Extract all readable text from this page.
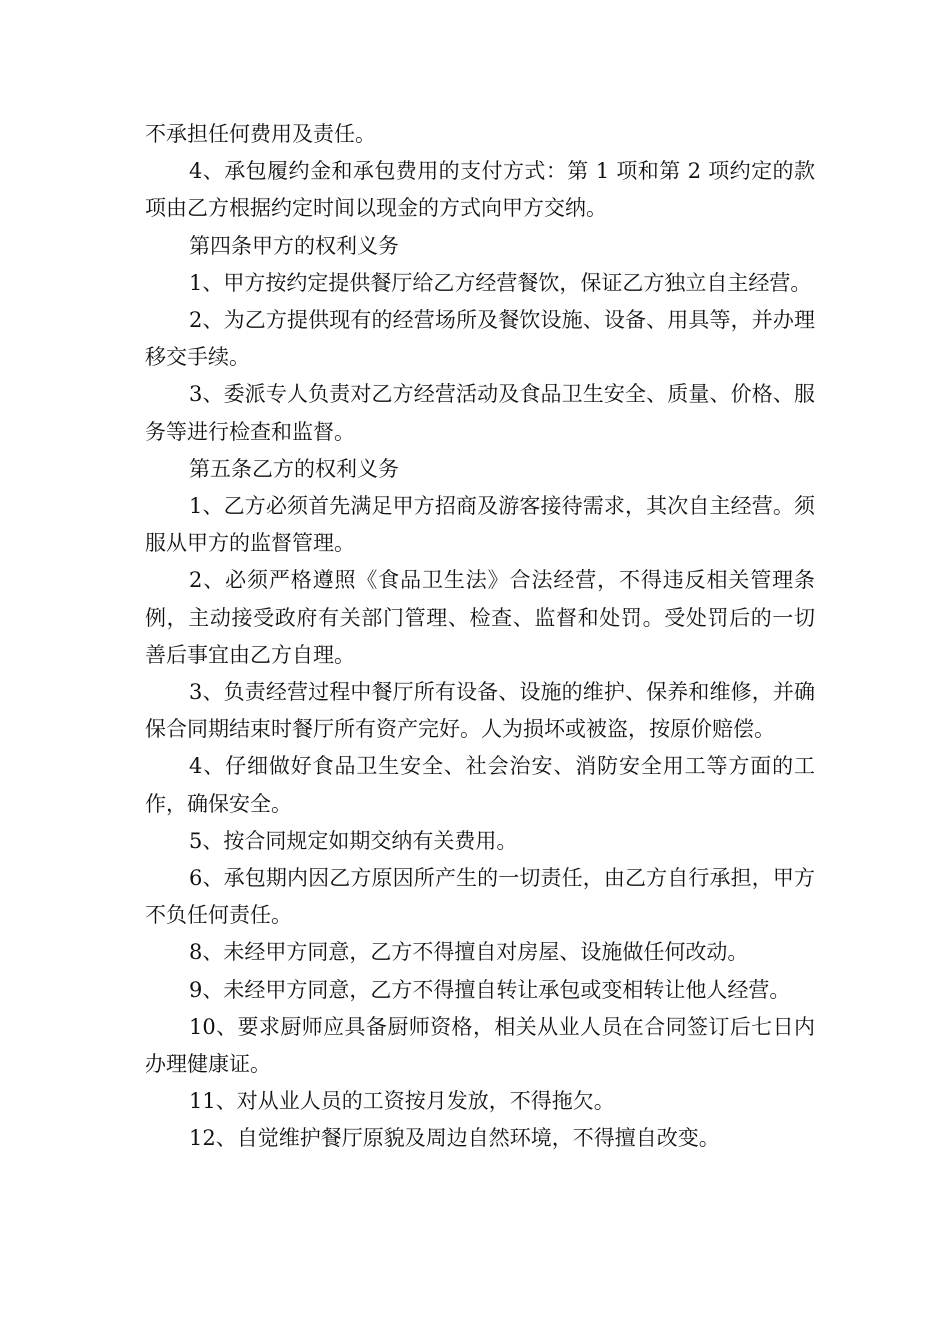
不承担任何费用及责任。

4、承包履约金和承包费用的支付方式：第 1 项和第 2 项约定的款项由乙方根据约定时间以现金的方式向甲方交纳。

第四条甲方的权利义务

1、甲方按约定提供餐厅给乙方经营餐饮，保证乙方独立自主经营。

2、为乙方提供现有的经营场所及餐饮设施、设备、用具等，并办理移交手续。

3、委派专人负责对乙方经营活动及食品卫生安全、质量、价格、服务等进行检查和监督。

第五条乙方的权利义务

1、乙方必须首先满足甲方招商及游客接待需求，其次自主经营。须服从甲方的监督管理。

2、必须严格遵照《食品卫生法》合法经营，不得违反相关管理条例，主动接受政府有关部门管理、检查、监督和处罚。受处罚后的一切善后事宜由乙方自理。

3、负责经营过程中餐厅所有设备、设施的维护、保养和维修，并确保合同期结束时餐厅所有资产完好。人为损坏或被盗，按原价赔偿。

4、仔细做好食品卫生安全、社会治安、消防安全用工等方面的工作，确保安全。

5、按合同规定如期交纳有关费用。

6、承包期内因乙方原因所产生的一切责任，由乙方自行承担，甲方不负任何责任。

8、未经甲方同意，乙方不得擅自对房屋、设施做任何改动。

9、未经甲方同意，乙方不得擅自转让承包或变相转让他人经营。

10、要求厨师应具备厨师资格，相关从业人员在合同签订后七日内办理健康证。

11、对从业人员的工资按月发放，不得拖欠。

12、自觉维护餐厅原貌及周边自然环境，不得擅自改变。
